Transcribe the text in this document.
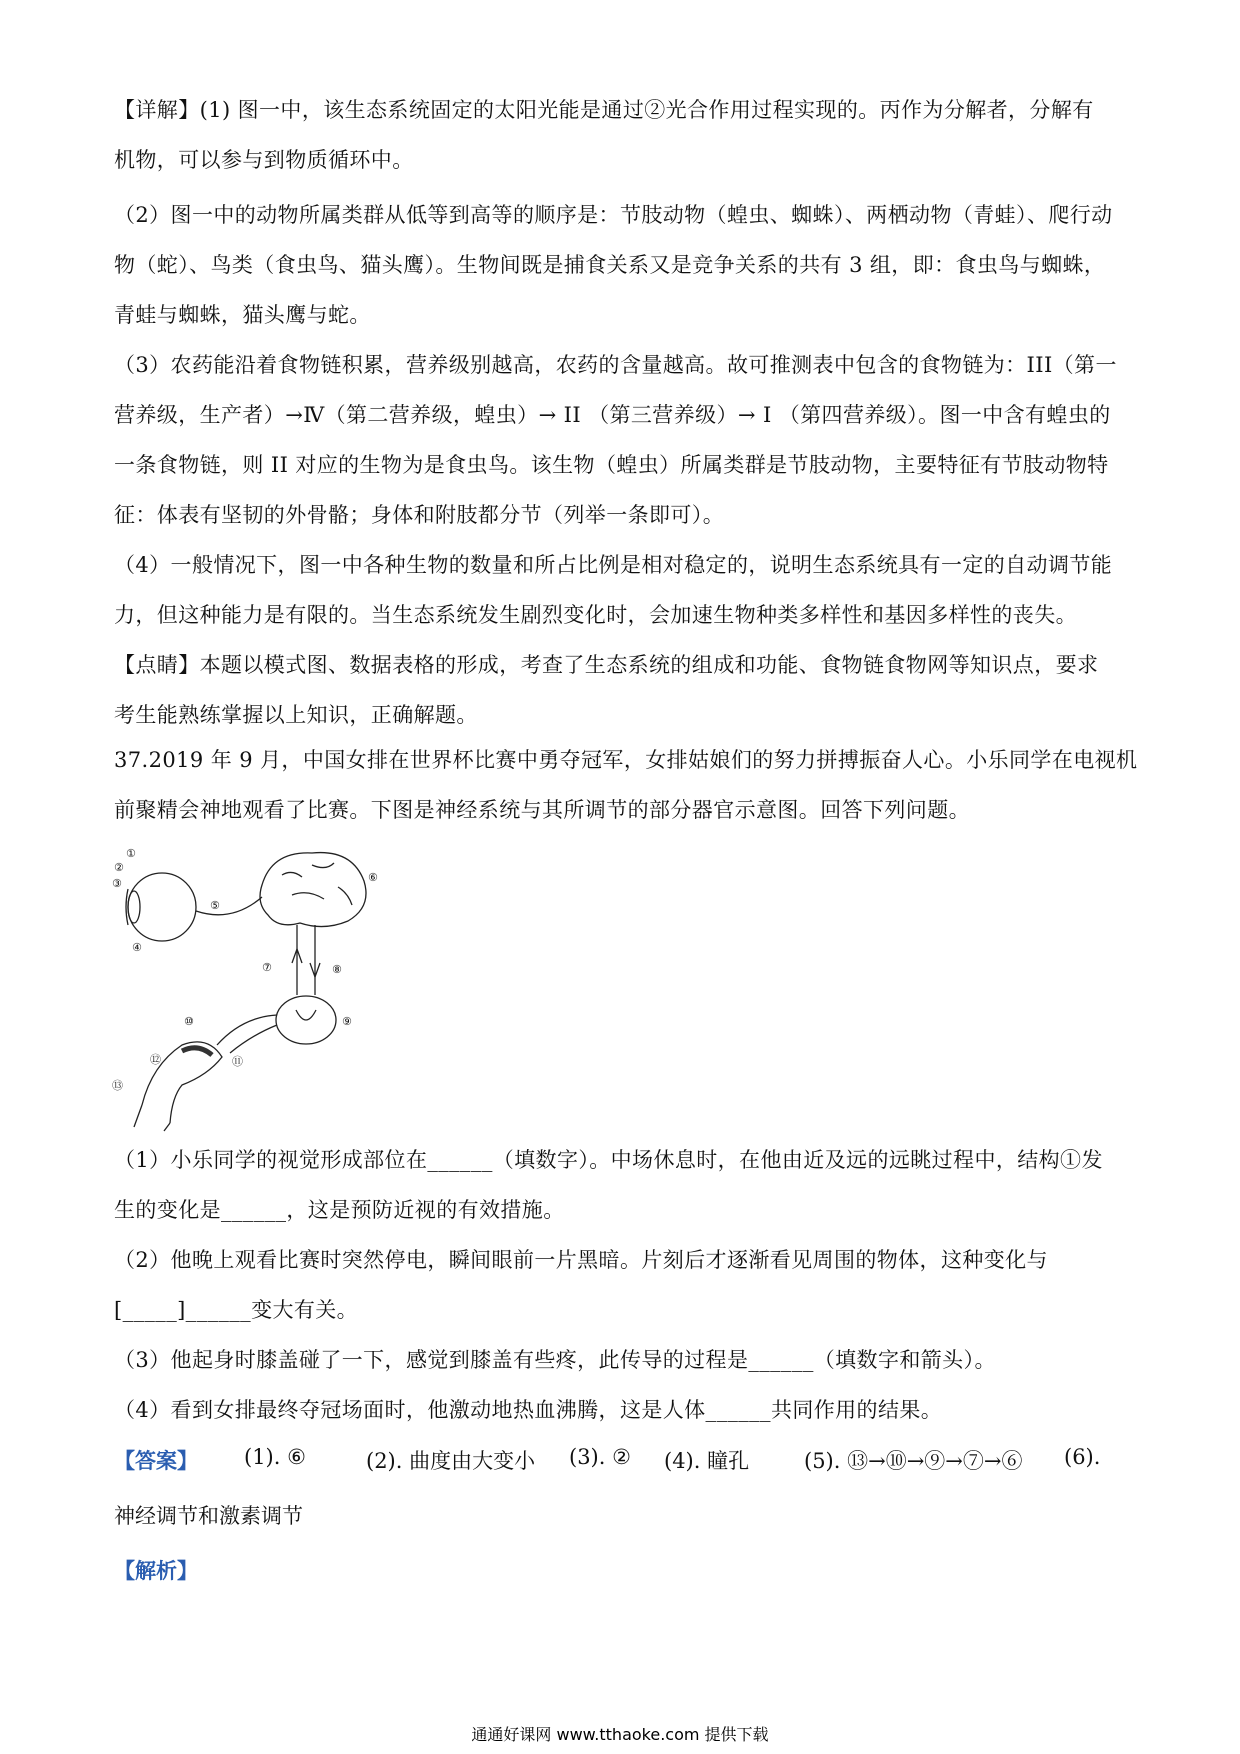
【详解】(1) 图一中，该生态系统固定的太阳光能是通过②光合作用过程实现的。丙作为分解者，分解有
机物，可以参与到物质循环中。
（2）图一中的动物所属类群从低等到高等的顺序是：节肢动物（蝗虫、蜘蛛）、两栖动物（青蛙）、爬行动
物（蛇）、鸟类（食虫鸟、猫头鹰）。生物间既是捕食关系又是竞争关系的共有 3 组，即：食虫鸟与蜘蛛，
青蛙与蜘蛛，猫头鹰与蛇。
（3）农药能沿着食物链积累，营养级别越高，农药的含量越高。故可推测表中包含的食物链为：III（第一
营养级，生产者）→Ⅳ（第二营养级，蝗虫）→ II （第三营养级）→ I （第四营养级）。图一中含有蝗虫的
一条食物链，则 II 对应的生物为是食虫鸟。该生物（蝗虫）所属类群是节肢动物，主要特征有节肢动物特
征：体表有坚韧的外骨骼；身体和附肢都分节（列举一条即可）。
（4）一般情况下，图一中各种生物的数量和所占比例是相对稳定的，说明生态系统具有一定的自动调节能
力，但这种能力是有限的。当生态系统发生剧烈变化时，会加速生物种类多样性和基因多样性的丧失。
【点睛】本题以模式图、数据表格的形成，考查了生态系统的组成和功能、食物链食物网等知识点，要求
考生能熟练掌握以上知识，正确解题。
37.2019 年 9 月，中国女排在世界杯比赛中勇夺冠军，女排姑娘们的努力拼搏振奋人心。小乐同学在电视机
前聚精会神地观看了比赛。下图是神经系统与其所调节的部分器官示意图。回答下列问题。
①
②
③
④
⑤
⑥
⑦	⑧
⑨
⑩
⑪
⑫
⑬
（1）小乐同学的视觉形成部位在______（填数字）。中场休息时，在他由近及远的远眺过程中，结构①发
生的变化是______，这是预防近视的有效措施。
（2）他晚上观看比赛时突然停电，瞬间眼前一片黑暗。片刻后才逐渐看见周围的物体，这种变化与
[_____]______变大有关。
（3）他起身时膝盖碰了一下，感觉到膝盖有些疼，此传导的过程是______（填数字和箭头）。
（4）看到女排最终夺冠场面时，他激动地热血沸腾，这是人体______共同作用的结果。
【答案】 (1). ⑥	(2). 曲度由大变小 (3). ② (4). 瞳孔	(5). ⑬→⑩→⑨→⑦→⑥ (6).
神经调节和激素调节
【解析】
通通好课网 www.tthaoke.com 提供下载
